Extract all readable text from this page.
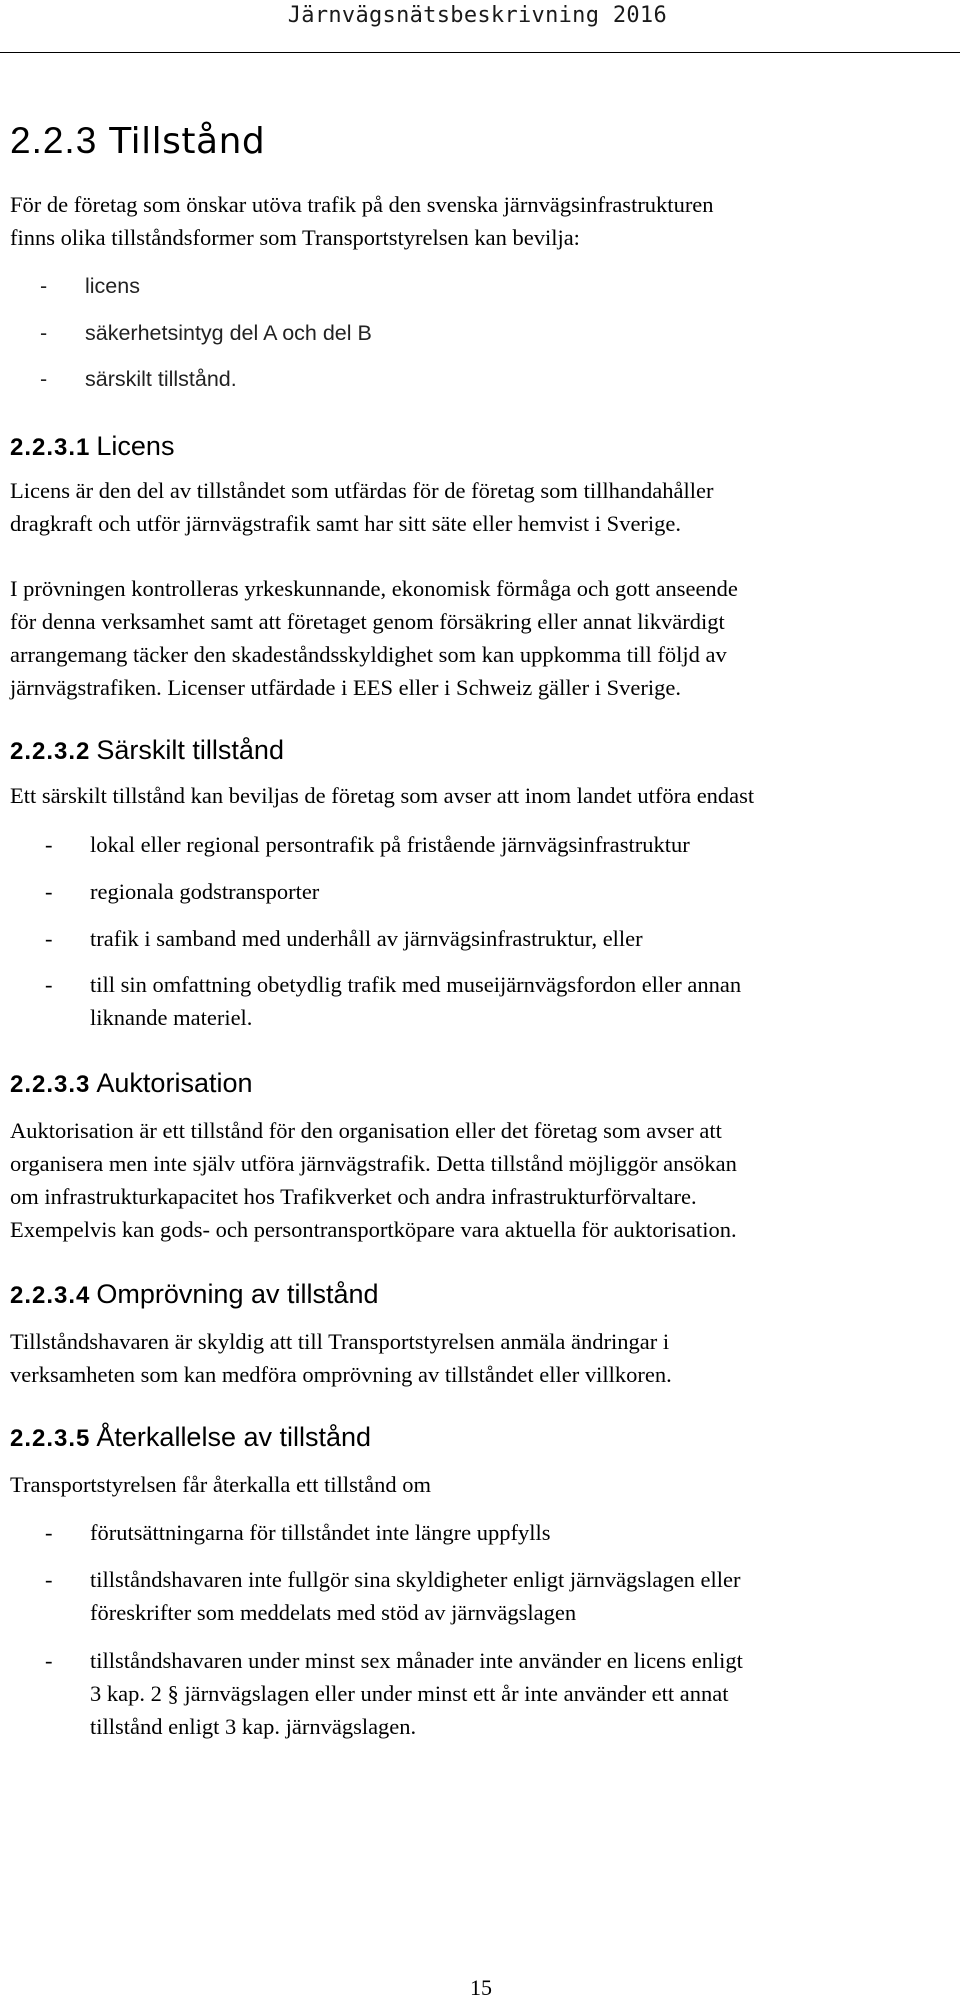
Järnvägsnätsbeskrivning 2016
2.2.3 Tillstånd
För de företag som önskar utöva trafik på den svenska järnvägsinfrastrukturen
finns olika tillståndsformer som Transportstyrelsen kan bevilja:
- licens
- säkerhetsintyg del A och del B
- särskilt tillstånd.
2.2.3.1 Licens
Licens är den del av tillståndet som utfärdas för de företag som tillhandahåller
dragkraft och utför järnvägstrafik samt har sitt säte eller hemvist i Sverige.
I prövningen kontrolleras yrkeskunnande, ekonomisk förmåga och gott anseende
för denna verksamhet samt att företaget genom försäkring eller annat likvärdigt
arrangemang täcker den skadeståndsskyldighet som kan uppkomma till följd av
järnvägstrafiken. Licenser utfärdade i EES eller i Schweiz gäller i Sverige.
2.2.3.2 Särskilt tillstånd
Ett särskilt tillstånd kan beviljas de företag som avser att inom landet utföra endast
- lokal eller regional persontrafik på fristående järnvägsinfrastruktur
- regionala godstransporter
- trafik i samband med underhåll av järnvägsinfrastruktur, eller
- till sin omfattning obetydlig trafik med museijärnvägsfordon eller annan
liknande materiel.
2.2.3.3 Auktorisation
Auktorisation är ett tillstånd för den organisation eller det företag som avser att
organisera men inte själv utföra järnvägstrafik. Detta tillstånd möjliggör ansökan
om infrastrukturkapacitet hos Trafikverket och andra infrastrukturförvaltare.
Exempelvis kan gods- och persontransportköpare vara aktuella för auktorisation.
2.2.3.4 Omprövning av tillstånd
Tillståndshavaren är skyldig att till Transportstyrelsen anmäla ändringar i
verksamheten som kan medföra omprövning av tillståndet eller villkoren.
2.2.3.5 Återkallelse av tillstånd
Transportstyrelsen får återkalla ett tillstånd om
- förutsättningarna för tillståndet inte längre uppfylls
- tillståndshavaren inte fullgör sina skyldigheter enligt järnvägslagen eller
föreskrifter som meddelats med stöd av järnvägslagen
- tillståndshavaren under minst sex månader inte använder en licens enligt
3 kap. 2 § järnvägslagen eller under minst ett år inte använder ett annat
tillstånd enligt 3 kap. järnvägslagen.
15
